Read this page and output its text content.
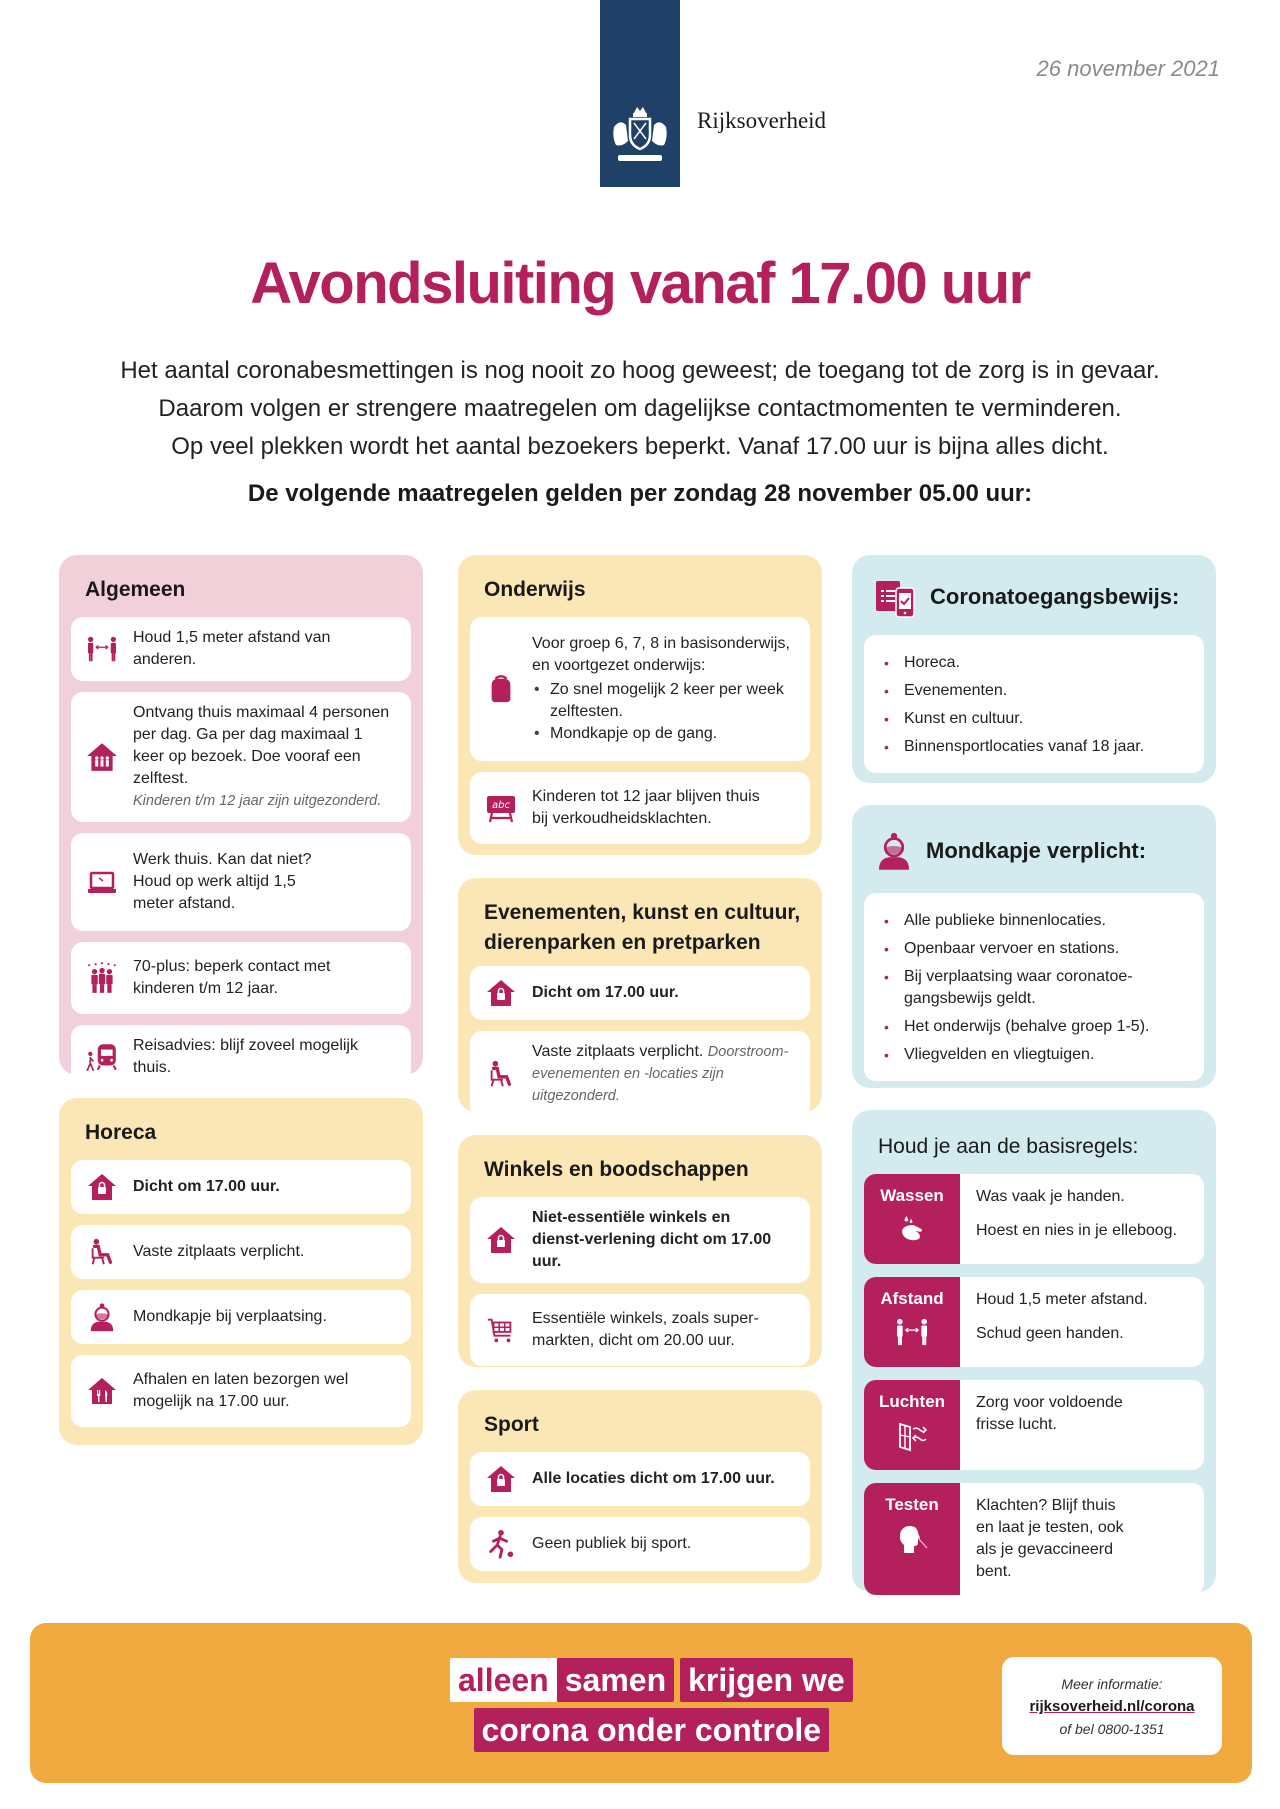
Rijksoverheid
26 november 2021
Avondsluiting vanaf 17.00 uur
Het aantal coronabesmettingen is nog nooit zo hoog geweest; de toegang tot de zorg is in gevaar.
Daarom volgen er strengere maatregelen om dagelijkse contactmomenten te verminderen.
Op veel plekken wordt het aantal bezoekers beperkt. Vanaf 17.00 uur is bijna alles dicht.
De volgende maatregelen gelden per zondag 28 november 05.00 uur:
Algemeen
Houd 1,5 meter afstand van anderen.
Ontvang thuis maximaal 4 personen per dag. Ga per dag maximaal 1 keer op bezoek. Doe vooraf een zelftest.
Kinderen t/m 12 jaar zijn uitgezonderd.
Werk thuis. Kan dat niet? Houd op werk altijd 1,5 meter afstand.
70-plus: beperk contact met kinderen t/m 12 jaar.
Reisadvies: blijf zoveel mogelijk thuis.
Horeca
Dicht om 17.00 uur.
Vaste zitplaats verplicht.
Mondkapje bij verplaatsing.
Afhalen en laten bezorgen wel mogelijk na 17.00 uur.
Onderwijs
Voor groep 6, 7, 8 in basisonderwijs, en voortgezet onderwijs:
• Zo snel mogelijk 2 keer per week zelftesten.
• Mondkapje op de gang.
Kinderen tot 12 jaar blijven thuis bij verkoudheidsklachten.
Evenementen, kunst en cultuur, dierenparken en pretparken
Dicht om 17.00 uur.
Vaste zitplaats verplicht. Doorstroom-evenementen en -locaties zijn uitgezonderd.
Winkels en boodschappen
Niet-essentiële winkels en dienst-verlening dicht om 17.00 uur.
Essentiële winkels, zoals super-markten, dicht om 20.00 uur.
Sport
Alle locaties dicht om 17.00 uur.
Geen publiek bij sport.
Coronatoegangsbewijs:
• Horeca.
• Evenementen.
• Kunst en cultuur.
• Binnensportlocaties vanaf 18 jaar.
Mondkapje verplicht:
• Alle publieke binnenlocaties.
• Openbaar vervoer en stations.
• Bij verplaatsing waar coronatoe-gangsbewijs geldt.
• Het onderwijs (behalve groep 1-5).
• Vliegvelden en vliegtuigen.
Houd je aan de basisregels:
Wassen Was vaak je handen.

Hoest en nies in je elleboog.

Afstand Houd 1,5 meter afstand.

Schud geen handen.

Luchten Zorg voor voldoende frisse lucht.

Testen Klachten? Blijf thuis en laat je testen, ook als je gevaccineerd bent.

alleen samen krijgen we
corona onder controle
Meer informatie:
rijksoverheid.nl/corona
of bel 0800-1351
